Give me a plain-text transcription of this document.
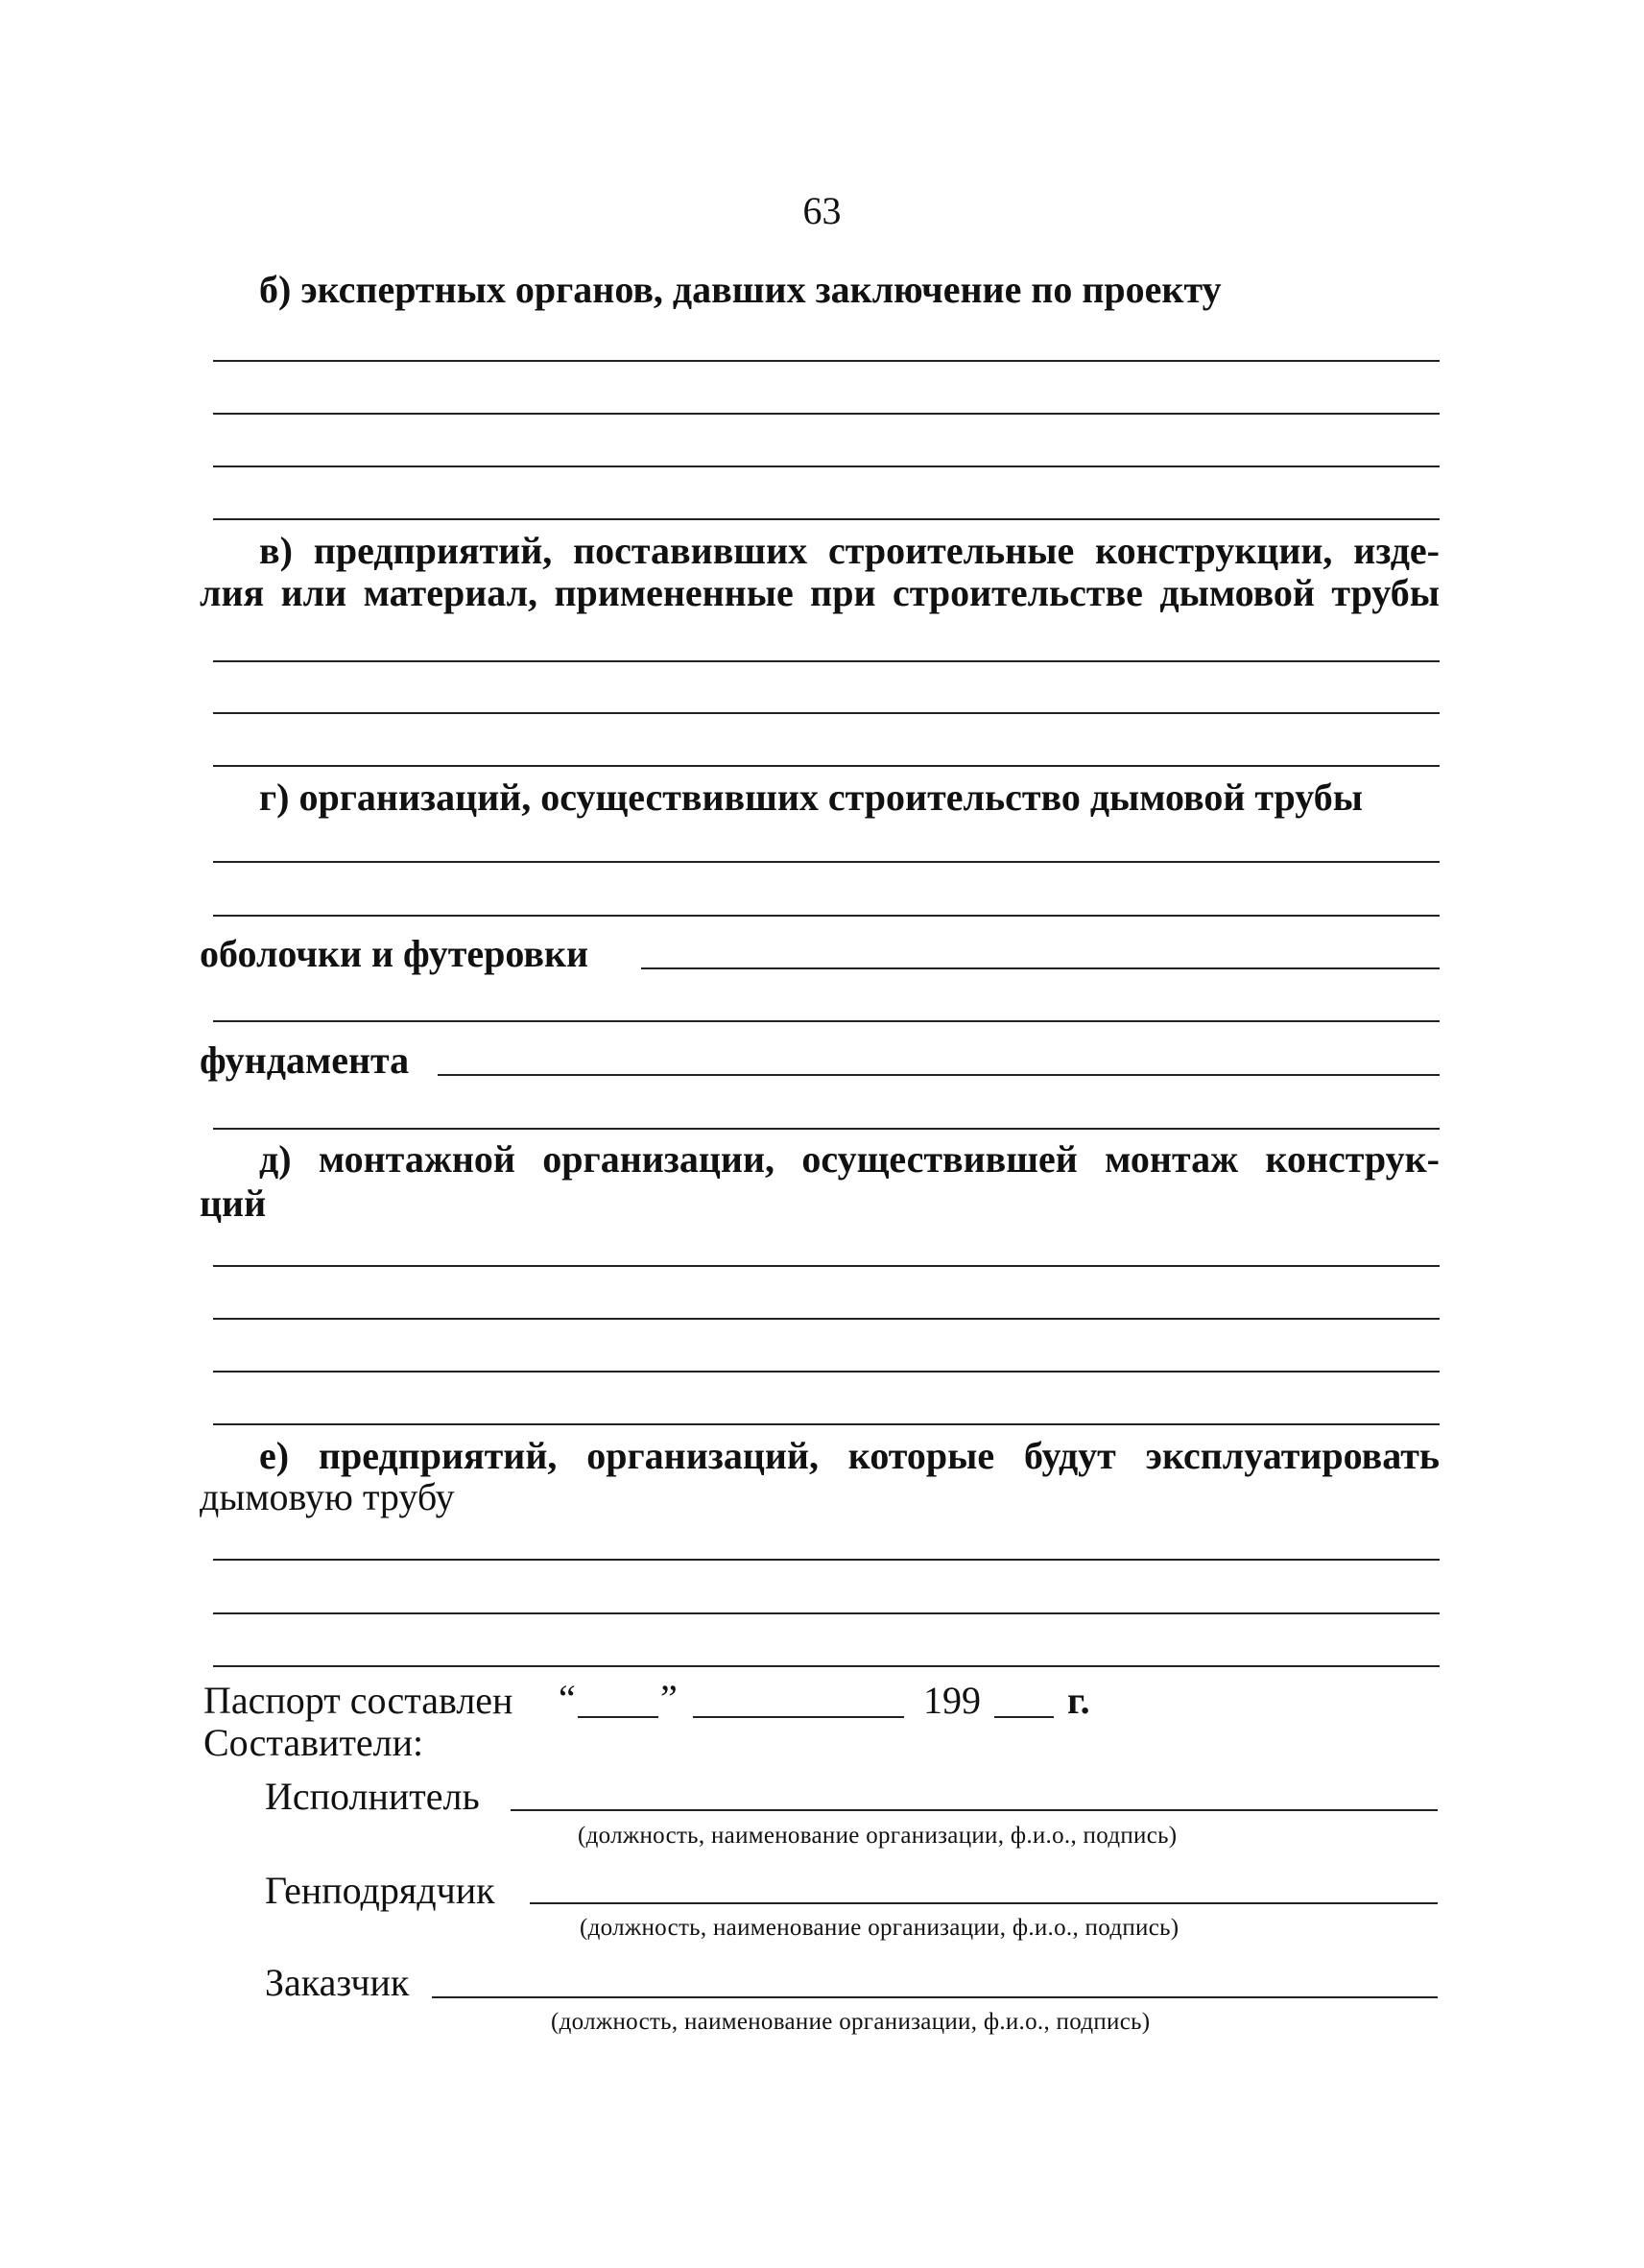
63
б) экспертных органов, давших заключение по проекту
в) предприятий, поставивших строительные конструкции, изде-
лия или материал, примененные при строительстве дымовой трубы
г) организаций, осуществивших строительство дымовой трубы
оболочки и футеровки
фундамента
д) монтажной организации, осуществившей монтаж конструк-
ций
е) предприятий, организаций, которые будут эксплуатировать
дымовую трубу
Паспорт составлен “ ”	199 г.
Составители:
Исполнитель
(должность, наименование организации, ф.и.о., подпись)
Генподрядчик
(должность, наименование организации, ф.и.о., подпись)
Заказчик
(должность, наименование организации, ф.и.о., подпись)
